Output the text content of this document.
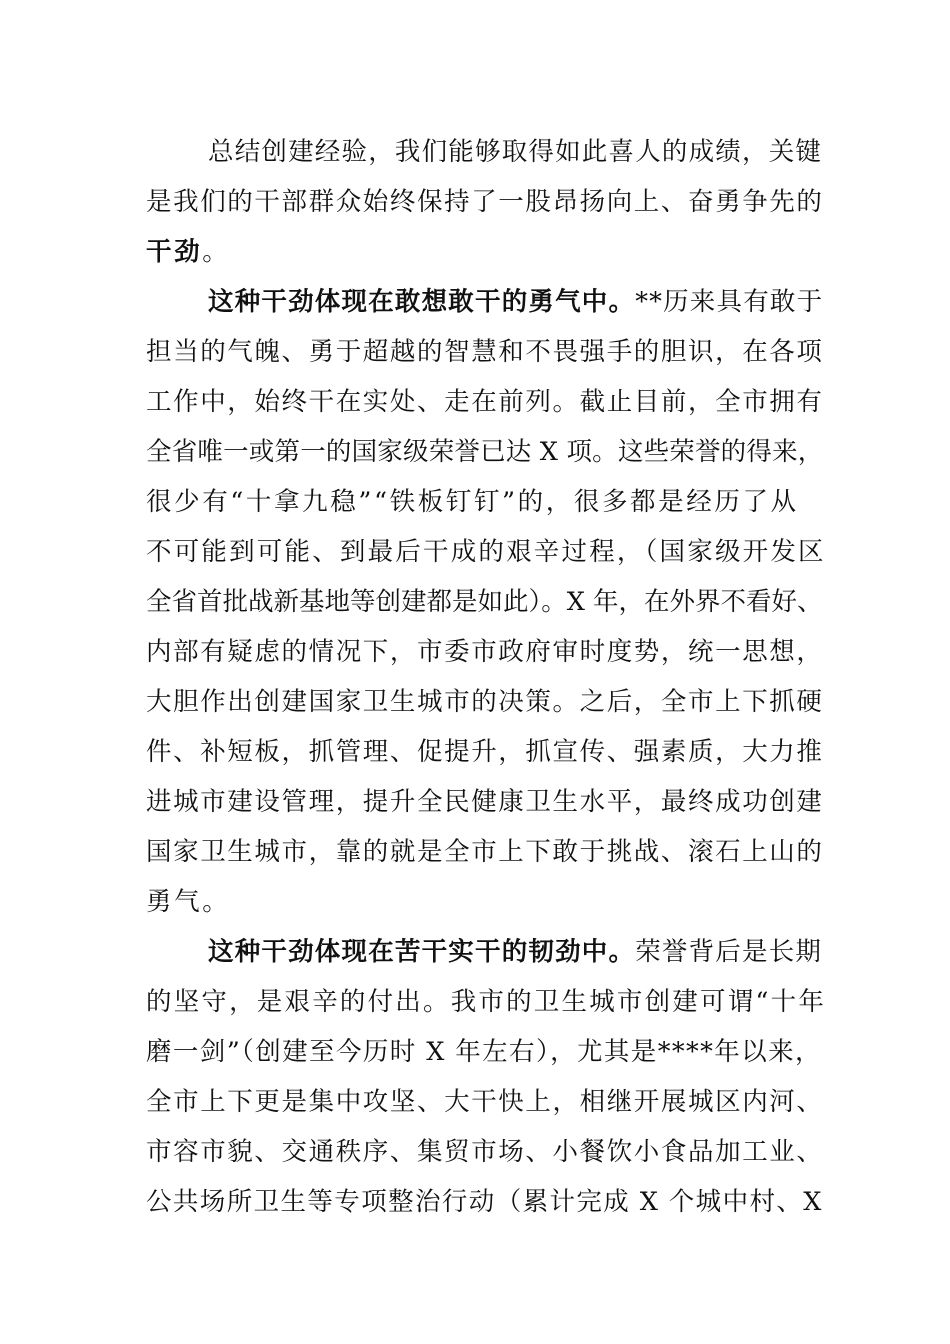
总结创建经验，我们能够取得如此喜人的成绩，关键
是我们的干部群众始终保持了一股昂扬向上、奋勇争先的
干劲。
这种干劲体现在敢想敢干的勇气中。**历来具有敢于
担当的气魄、勇于超越的智慧和不畏强手的胆识，在各项
工作中，始终干在实处、走在前列。截止目前，全市拥有
全省唯一或第一的国家级荣誉已达 X 项。这些荣誉的得来，
很少有“十拿九稳”“铁板钉钉”的，很多都是经历了从
不可能到可能、到最后干成的艰辛过程，（国家级开发区
全省首批战新基地等创建都是如此）。X 年，在外界不看好、
内部有疑虑的情况下，市委市政府审时度势，统一思想，
大胆作出创建国家卫生城市的决策。之后，全市上下抓硬
件、补短板，抓管理、促提升，抓宣传、强素质，大力推
进城市建设管理，提升全民健康卫生水平，最终成功创建
国家卫生城市，靠的就是全市上下敢于挑战、滚石上山的
勇气。
这种干劲体现在苦干实干的韧劲中。荣誉背后是长期
的坚守，是艰辛的付出。我市的卫生城市创建可谓“十年
磨一剑”（创建至今历时 X 年左右），尤其是****年以来，
全市上下更是集中攻坚、大干快上，相继开展城区内河、
市容市貌、交通秩序、集贸市场、小餐饮小食品加工业、
公共场所卫生等专项整治行动（累计完成 X 个城中村、X
